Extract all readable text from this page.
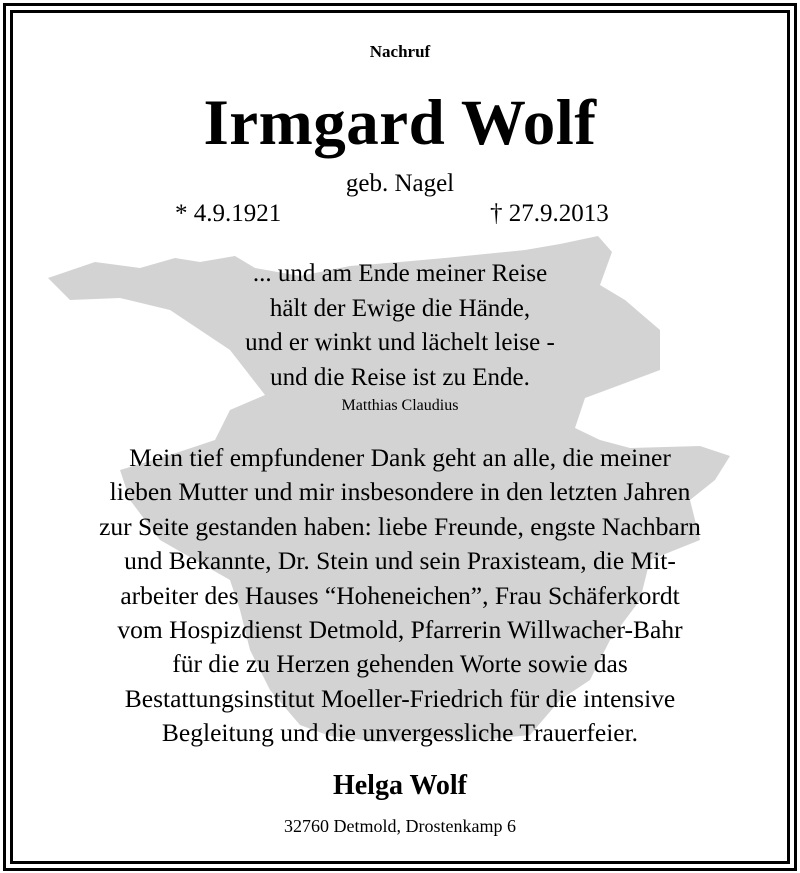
Nachruf
Irmgard Wolf
geb. Nagel
* 4.9.1921	† 27.9.2013
... und am Ende meiner Reise
hält der Ewige die Hände,
und er winkt und lächelt leise -
und die Reise ist zu Ende.
Matthias Claudius
Mein tief empfundener Dank geht an alle, die meiner
lieben Mutter und mir insbesondere in den letzten Jahren
zur Seite gestanden haben: liebe Freunde, engste Nachbarn
und Bekannte, Dr. Stein und sein Praxisteam, die Mit-
arbeiter des Hauses “Hoheneichen”, Frau Schäferkordt
vom Hospizdienst Detmold, Pfarrerin Willwacher-Bahr
für die zu Herzen gehenden Worte sowie das
Bestattungsinstitut Moeller-Friedrich für die intensive
Begleitung und die unvergessliche Trauerfeier.
Helga Wolf
32760 Detmold, Drostenkamp 6
